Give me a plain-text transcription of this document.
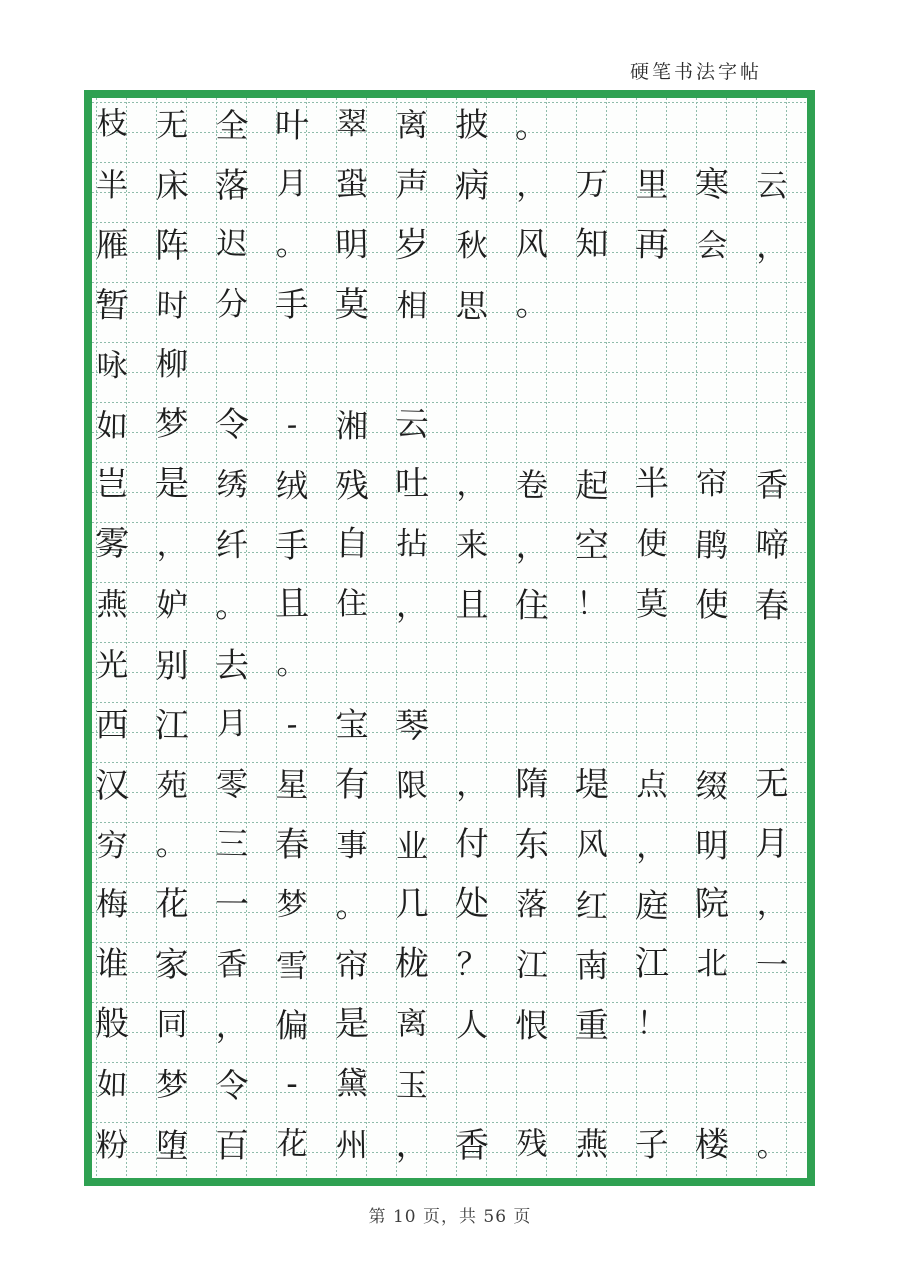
硬笔书法字帖
枝 无 全 叶 翠 离 披 。
半 床 落 月 蛩 声 病 ， 万 里 寒 云
雁 阵 迟 。 明 岁 秋 风 知 再 会 ，
暂 时 分 手 莫 相 思 。
咏 柳
如 梦 令 - 湘 云
岂 是 绣 绒 残 吐 ， 卷 起 半 帘 香
雾 ， 纤 手 自 拈 来 ， 空 使 鹃 啼
燕 妒 。 且 住 ， 且 住 ！ 莫 使 春
光 别 去 。
西 江 月 - 宝 琴
汉 苑 零 星 有 限 ， 隋 堤 点 缀 无
穷 。 三 春 事 业 付 东 风 ， 明 月
梅 花 一 梦 。 几 处 落 红 庭 院 ，
谁 家 香 雪 帘 栊 ？ 江 南 江 北 一
般 同 ， 偏 是 离 人 恨 重 ！
如 梦 令 - 黛 玉
粉 堕 百 花 州 ， 香 残 燕 子 楼 。
第 10 页，共 56 页
